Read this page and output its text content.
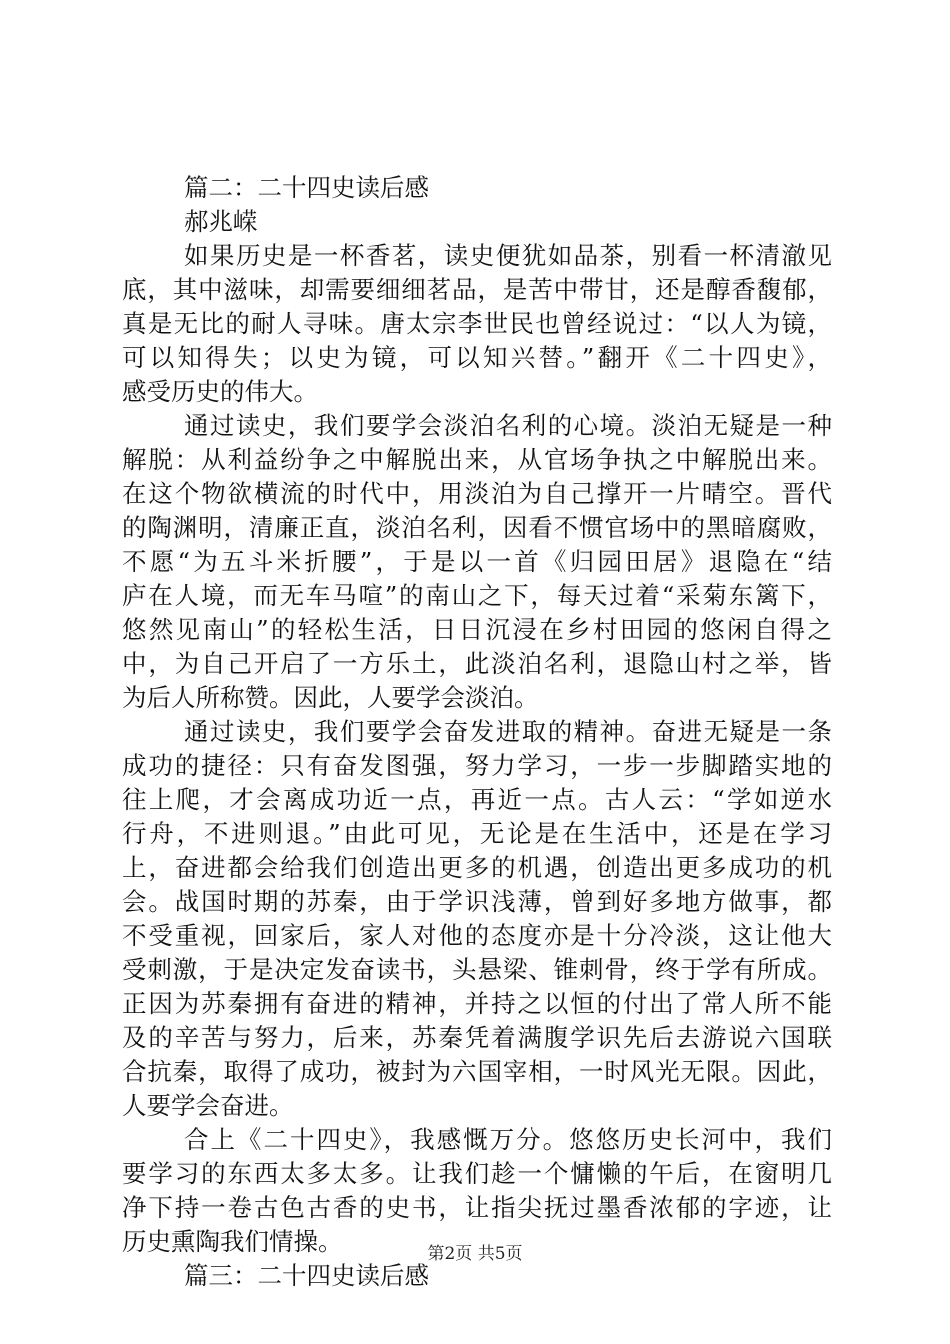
篇二：二十四史读后感
郝兆嵘
如果历史是一杯香茗，读史便犹如品茶，别看一杯清澈见
底，其中滋味，却需要细细茗品，是苦中带甘，还是醇香馥郁，
真是无比的耐人寻味。唐太宗李世民也曾经说过：“以人为镜，
可以知得失；以史为镜，可以知兴替。”翻开《二十四史》，
感受历史的伟大。
通过读史，我们要学会淡泊名利的心境。淡泊无疑是一种
解脱：从利益纷争之中解脱出来，从官场争执之中解脱出来。
在这个物欲横流的时代中，用淡泊为自己撑开一片晴空。晋代
的陶渊明，清廉正直，淡泊名利，因看不惯官场中的黑暗腐败，
不愿“为五斗米折腰”，于是以一首《归园田居》退隐在“结
庐在人境，而无车马喧”的南山之下，每天过着“采菊东篱下，
悠然见南山”的轻松生活，日日沉浸在乡村田园的悠闲自得之
中，为自己开启了一方乐土，此淡泊名利，退隐山村之举，皆
为后人所称赞。因此，人要学会淡泊。
通过读史，我们要学会奋发进取的精神。奋进无疑是一条
成功的捷径：只有奋发图强，努力学习，一步一步脚踏实地的
往上爬，才会离成功近一点，再近一点。古人云：“学如逆水
行舟，不进则退。”由此可见，无论是在生活中，还是在学习
上，奋进都会给我们创造出更多的机遇，创造出更多成功的机
会。战国时期的苏秦，由于学识浅薄，曾到好多地方做事，都
不受重视，回家后，家人对他的态度亦是十分冷淡，这让他大
受刺激，于是决定发奋读书，头悬梁、锥刺骨，终于学有所成。
正因为苏秦拥有奋进的精神，并持之以恒的付出了常人所不能
及的辛苦与努力，后来，苏秦凭着满腹学识先后去游说六国联
合抗秦，取得了成功，被封为六国宰相，一时风光无限。因此，
人要学会奋进。
合上《二十四史》，我感慨万分。悠悠历史长河中，我们
要学习的东西太多太多。让我们趁一个慵懒的午后，在窗明几
净下持一卷古色古香的史书，让指尖抚过墨香浓郁的字迹，让
历史熏陶我们情操。
篇三：二十四史读后感
第2页 共5页
